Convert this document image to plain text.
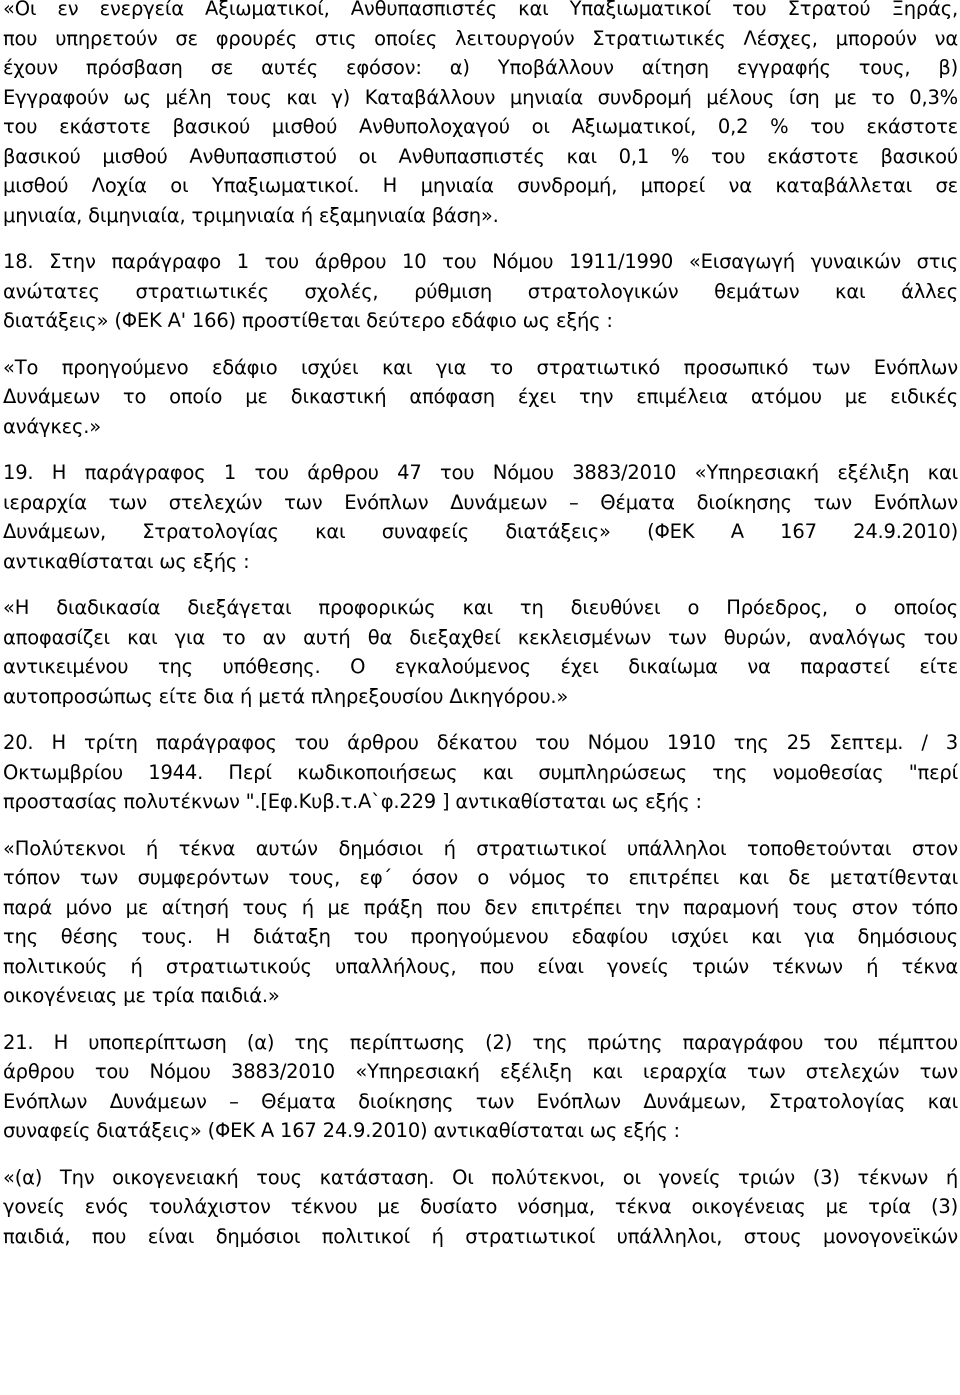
«Οι εν ενεργεία Αξιωματικοί, Ανθυπασπιστές και Υπαξιωματικοί του Στρατού Ξηράς,
που υπηρετούν σε φρουρές στις οποίες λειτουργούν Στρατιωτικές Λέσχες, μπορούν να
έχουν πρόσβαση σε αυτές εφόσον: α) Υποβάλλουν αίτηση εγγραφής τους, β)
Εγγραφούν ως μέλη τους και γ) Καταβάλλουν μηνιαία συνδρομή μέλους ίση με το 0,3%
του εκάστοτε βασικού μισθού Ανθυπολοχαγού οι Αξιωματικοί, 0,2 % του εκάστοτε
βασικού μισθού Ανθυπασπιστού οι Ανθυπασπιστές και 0,1 % του εκάστοτε βασικού
μισθού Λοχία οι Υπαξιωματικοί. Η μηνιαία συνδρομή, μπορεί να καταβάλλεται σε
μηνιαία, διμηνιαία, τριμηνιαία ή εξαμηνιαία βάση».
18. Στην παράγραφο 1 του άρθρου 10 του Νόμου 1911/1990 «Εισαγωγή γυναικών στις
ανώτατες στρατιωτικές σχολές, ρύθμιση στρατολογικών θεμάτων και άλλες
διατάξεις» (ΦΕΚ Α' 166) προστίθεται δεύτερο εδάφιο ως εξής :
«Το προηγούμενο εδάφιο ισχύει και για το στρατιωτικό προσωπικό των Ενόπλων
Δυνάμεων το οποίο με δικαστική απόφαση έχει την επιμέλεια ατόμου με ειδικές
ανάγκες.»
19. Η παράγραφος 1 του άρθρου 47 του Νόμου 3883/2010 «Υπηρεσιακή εξέλιξη και
ιεραρχία των στελεχών των Ενόπλων Δυνάμεων – Θέματα διοίκησης των Ενόπλων
Δυνάμεων, Στρατολογίας και συναφείς διατάξεις» (ΦΕΚ Α 167 24.9.2010)
αντικαθίσταται ως εξής :
«Η διαδικασία διεξάγεται προφορικώς και τη διευθύνει ο Πρόεδρος, ο οποίος
αποφασίζει και για το αν αυτή θα διεξαχθεί κεκλεισμένων των θυρών, αναλόγως του
αντικειμένου της υπόθεσης. Ο εγκαλούμενος έχει δικαίωμα να παραστεί είτε
αυτοπροσώπως είτε δια ή μετά πληρεξουσίου Δικηγόρου.»
20. Η τρίτη παράγραφος του άρθρου δέκατου του Νόμου 1910 της 25 Σεπτεμ. / 3
Οκτωμβρίου 1944. Περί κωδικοποιήσεως και συμπληρώσεως της νομοθεσίας "περί
προστασίας πολυτέκνων ".[Εφ.Κυβ.τ.Α`φ.229 ] αντικαθίσταται ως εξής :
«Πολύτεκνοι ή τέκνα αυτών δημόσιοι ή στρατιωτικοί υπάλληλοι τοποθετούνται στον
τόπον των συμφερόντων τους, εφ΄ όσον ο νόμος το επιτρέπει και δε μετατίθενται
παρά μόνο με αίτησή τους ή με πράξη που δεν επιτρέπει την παραμονή τους στον τόπο
της θέσης τους. Η διάταξη του προηγούμενου εδαφίου ισχύει και για δημόσιους
πολιτικούς ή στρατιωτικούς υπαλλήλους, που είναι γονείς τριών τέκνων ή τέκνα
οικογένειας με τρία παιδιά.»
21. Η υποπερίπτωση (α) της περίπτωσης (2) της πρώτης παραγράφου του πέμπτου
άρθρου του Νόμου 3883/2010 «Υπηρεσιακή εξέλιξη και ιεραρχία των στελεχών των
Ενόπλων Δυνάμεων – Θέματα διοίκησης των Ενόπλων Δυνάμεων, Στρατολογίας και
συναφείς διατάξεις» (ΦΕΚ Α 167 24.9.2010) αντικαθίσταται ως εξής :
«(α) Την οικογενειακή τους κατάσταση. Οι πολύτεκνοι, οι γονείς τριών (3) τέκνων ή
γονείς ενός τουλάχιστον τέκνου με δυσίατο νόσημα, τέκνα οικογένειας με τρία (3)
παιδιά, που είναι δημόσιοι πολιτικοί ή στρατιωτικοί υπάλληλοι, στους μονογονεϊκών
